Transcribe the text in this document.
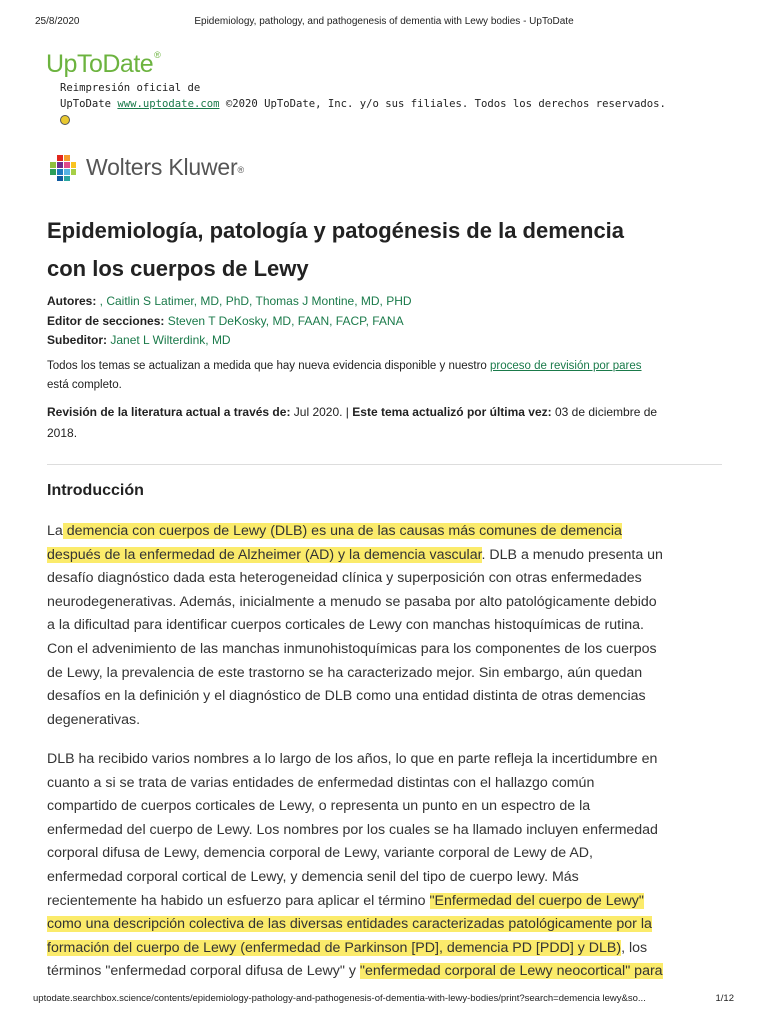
25/8/2020	Epidemiology, pathology, and pathogenesis of dementia with Lewy bodies - UpToDate
UpToDate®
Reimpresión oficial de
UpToDate www.uptodate.com ©2020 UpToDate, Inc. y/o sus filiales. Todos los derechos reservados.
Wolters Kluwer®
Epidemiología, patología y patogénesis de la demencia
con los cuerpos de Lewy
Autores: , Caitlin S Latimer, MD, PhD, Thomas J Montine, MD, PHD
Editor de secciones: Steven T DeKosky, MD, FAAN, FACP, FANA
Subeditor: Janet L Wilterdink, MD
Todos los temas se actualizan a medida que hay nueva evidencia disponible y nuestro proceso de revisión por pares
está completo.
Revisión de la literatura actual a través de: Jul 2020. | Este tema actualizó por última vez: 03 de diciembre de
2018.
Introducción
La demencia con cuerpos de Lewy (DLB) es una de las causas más comunes de demencia
después de la enfermedad de Alzheimer (AD) y la demencia vascular. DLB a menudo presenta un
desafío diagnóstico dada esta heterogeneidad clínica y superposición con otras enfermedades
neurodegenerativas. Además, inicialmente a menudo se pasaba por alto patológicamente debido
a la dificultad para identificar cuerpos corticales de Lewy con manchas histoquímicas de rutina.
Con el advenimiento de las manchas inmunohistoquímicas para los componentes de los cuerpos
de Lewy, la prevalencia de este trastorno se ha caracterizado mejor. Sin embargo, aún quedan
desafíos en la definición y el diagnóstico de DLB como una entidad distinta de otras demencias
degenerativas.
DLB ha recibido varios nombres a lo largo de los años, lo que en parte refleja la incertidumbre en
cuanto a si se trata de varias entidades de enfermedad distintas con el hallazgo común
compartido de cuerpos corticales de Lewy, o representa un punto en un espectro de la
enfermedad del cuerpo de Lewy. Los nombres por los cuales se ha llamado incluyen enfermedad
corporal difusa de Lewy, demencia corporal de Lewy, variante corporal de Lewy de AD,
enfermedad corporal cortical de Lewy, y demencia senil del tipo de cuerpo lewy. Más
recientemente ha habido un esfuerzo para aplicar el término "Enfermedad del cuerpo de Lewy"
como una descripción colectiva de las diversas entidades caracterizadas patológicamente por la
formación del cuerpo de Lewy (enfermedad de Parkinson [PD], demencia PD [PDD] y DLB), los
términos "enfermedad corporal difusa de Lewy" y "enfermedad corporal de Lewy neocortical" para
uptodate.searchbox.science/contents/epidemiology-pathology-and-pathogenesis-of-dementia-with-lewy-bodies/print?search=demencia lewy&so...	1/12
